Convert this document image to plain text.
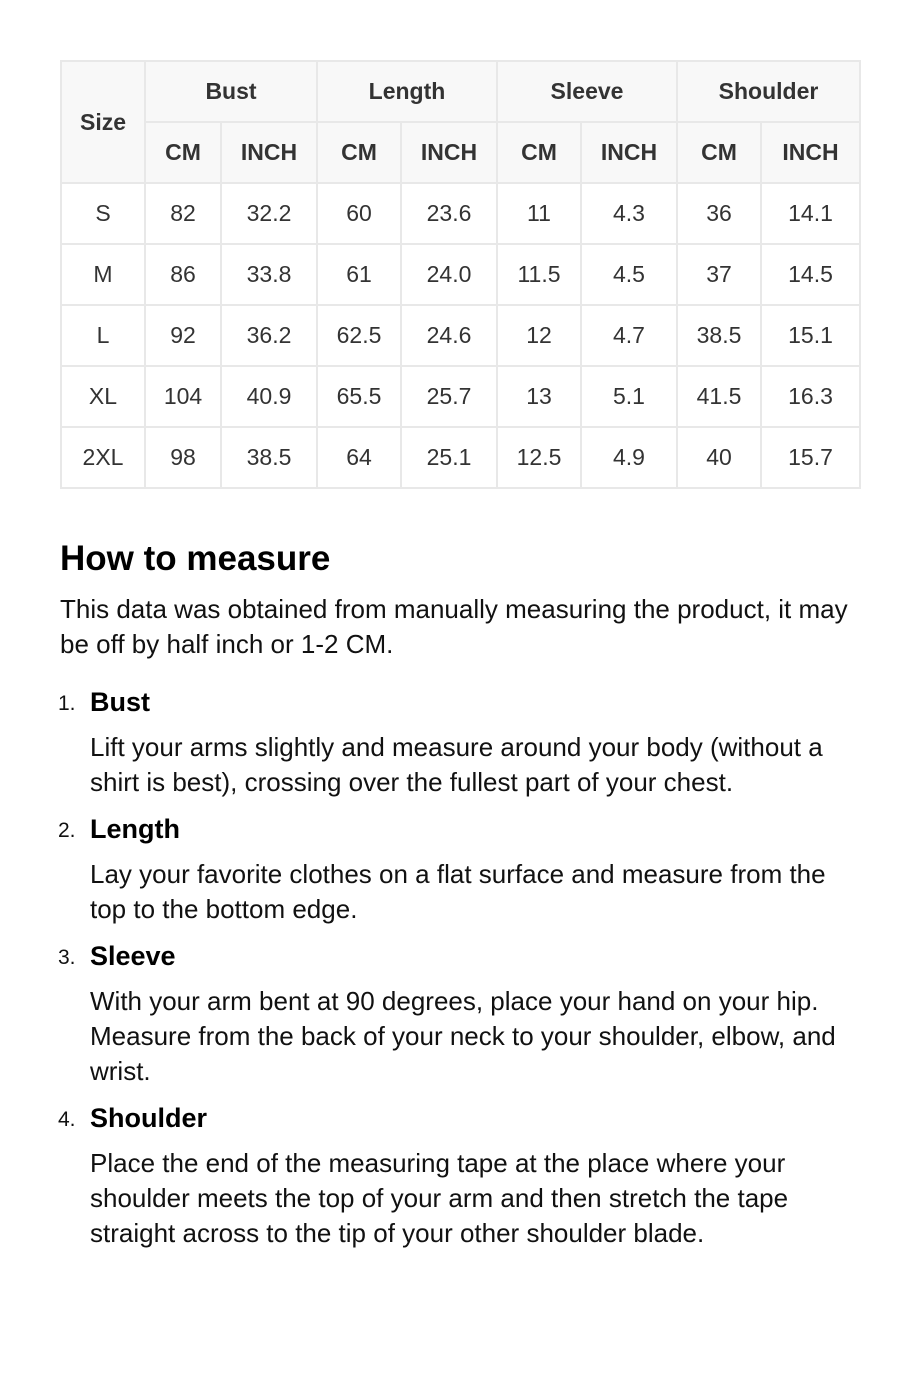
Size	Bust		Length		Sleeve		Shoulder	
	CM	INCH	CM	INCH	CM	INCH	CM	INCH
S	82	32.2	60	23.6	11	4.3	36	14.1
M	86	33.8	61	24.0	11.5	4.5	37	14.5
L	92	36.2	62.5	24.6	12	4.7	38.5	15.1
XL	104	40.9	65.5	25.7	13	5.1	41.5	16.3
2XL	98	38.5	64	25.1	12.5	4.9	40	15.7
How to measure

This data was obtained from manually measuring the product, it may be off by half inch or 1-2 CM.

1. Bust
Lift your arms slightly and measure around your body (without a shirt is best), crossing over the fullest part of your chest.
2. Length
Lay your favorite clothes on a flat surface and measure from the top to the bottom edge.
3. Sleeve
With your arm bent at 90 degrees, place your hand on your hip. Measure from the back of your neck to your shoulder, elbow, and wrist.
4. Shoulder
Place the end of the measuring tape at the place where your shoulder meets the top of your arm and then stretch the tape straight across to the tip of your other shoulder blade.
